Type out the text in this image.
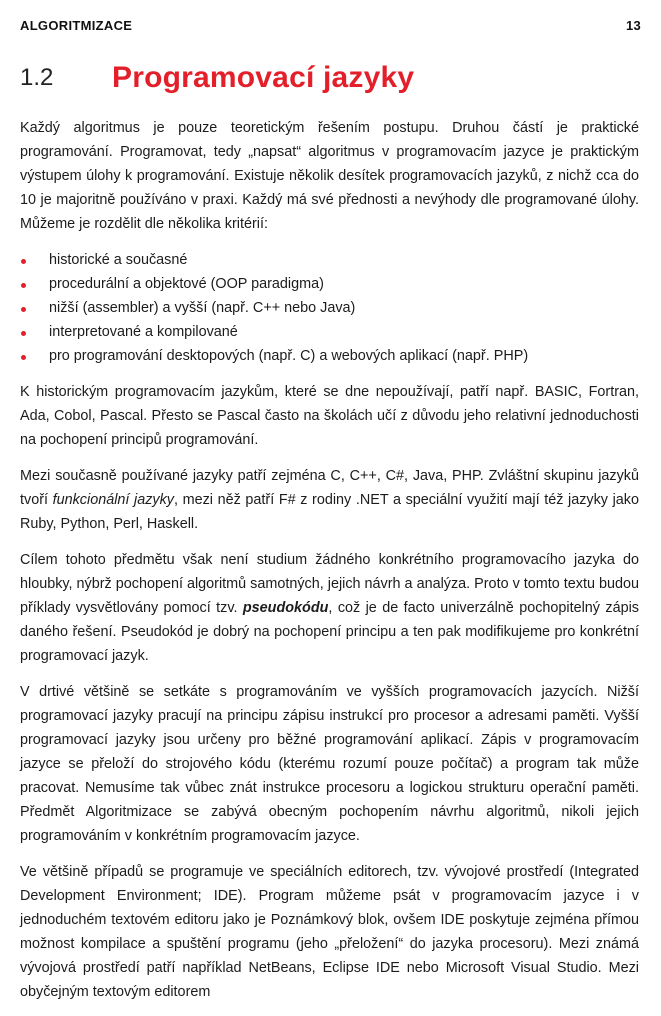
ALGORITMIZACE	13
1.2	Programovací jazyky

Každý algoritmus je pouze teoretickým řešením postupu. Druhou částí je praktické programování. Programovat, tedy „napsat“ algoritmus v programovacím jazyce je praktickým výstupem úlohy k programování. Existuje několik desítek programovacích jazyků, z nichž cca do 10 je majoritně používáno v praxi. Každý má své přednosti a nevýhody dle programované úlohy. Můžeme je rozdělit dle několika kritérií:

historické a současné
procedurální a objektové (OOP paradigma)
nižší (assembler) a vyšší (např. C++ nebo Java)
interpretované a kompilované
pro programování desktopových (např. C) a webových aplikací (např. PHP)

K historickým programovacím jazykům, které se dne nepoužívají, patří např. BASIC, Fortran, Ada, Cobol, Pascal. Přesto se Pascal často na školách učí z důvodu jeho relativní jednoduchosti na pochopení principů programování.

Mezi současně používané jazyky patří zejména C, C++, C#, Java, PHP. Zvláštní skupinu jazyků tvoří funkcionální jazyky, mezi něž patří F# z rodiny .NET a speciální využití mají též jazyky jako Ruby, Python, Perl, Haskell.

Cílem tohoto předmětu však není studium žádného konkrétního programovacího jazyka do hloubky, nýbrž pochopení algoritmů samotných, jejich návrh a analýza. Proto v tomto textu budou příklady vysvětlovány pomocí tzv. pseudokódu, což je de facto univerzálně pochopitelný zápis daného řešení. Pseudokód je dobrý na pochopení principu a ten pak modifikujeme pro konkrétní programovací jazyk.

V drtivé většině se setkáte s programováním ve vyšších programovacích jazycích. Nižší programovací jazyky pracují na principu zápisu instrukcí pro procesor a adresami paměti. Vyšší programovací jazyky jsou určeny pro běžné programování aplikací. Zápis v programovacím jazyce se přeloží do strojového kódu (kterému rozumí pouze počítač) a program tak může pracovat. Nemusíme tak vůbec znát instrukce procesoru a logickou strukturu operační paměti. Předmět Algoritmizace se zabývá obecným pochopením návrhu algoritmů, nikoli jejich programováním v konkrétním programovacím jazyce.

Ve většině případů se programuje ve speciálních editorech, tzv. vývojové prostředí (Integrated Development Environment; IDE). Program můžeme psát v programovacím jazyce i v jednoduchém textovém editoru jako je Poznámkový blok, ovšem IDE poskytuje zejména přímou možnost kompilace a spuštění programu (jeho „přeložení“ do jazyka procesoru). Mezi známá vývojová prostředí patří například NetBeans, Eclipse IDE nebo Microsoft Visual Studio. Mezi obyčejným textovým editorem
